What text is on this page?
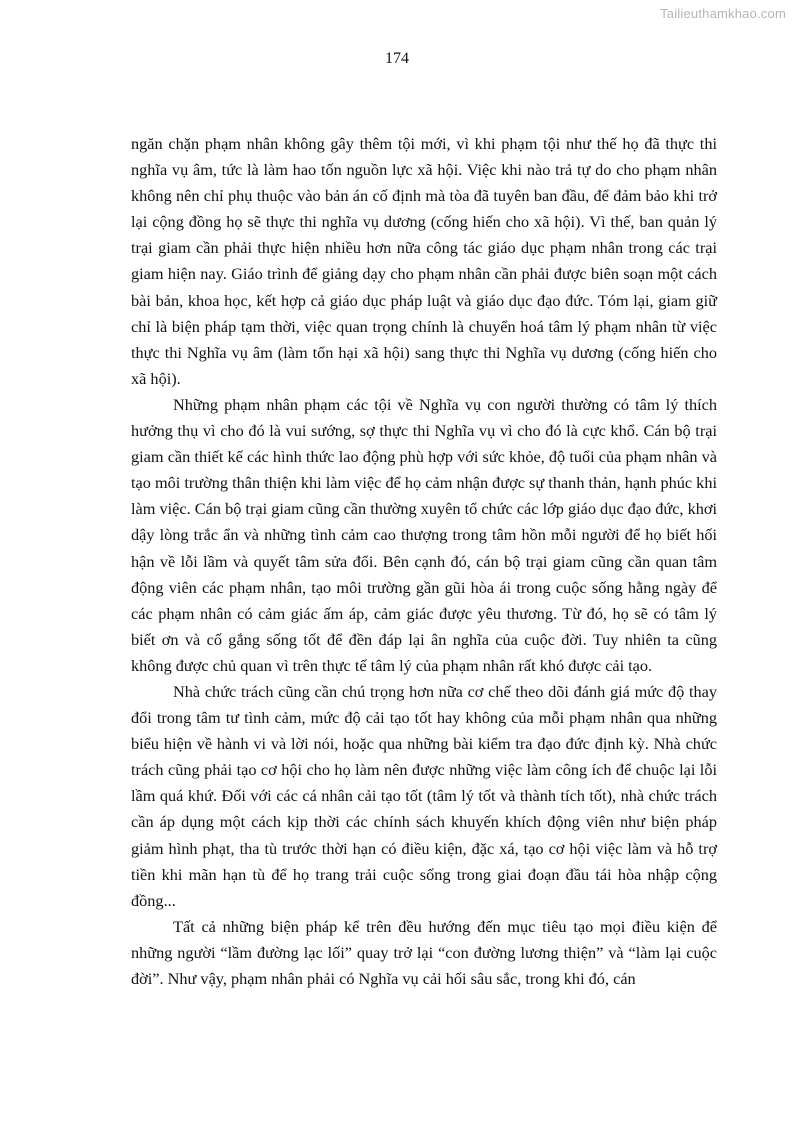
Tailieuthamkhao.com
174

ngăn chặn phạm nhân không gây thêm tội mới, vì khi phạm tội như thế họ đã thực thi nghĩa vụ âm, tức là làm hao tốn nguồn lực xã hội. Việc khi nào trả tự do cho phạm nhân không nên chỉ phụ thuộc vào bản án cố định mà tòa đã tuyên ban đầu, để đảm bảo khi trở lại cộng đồng họ sẽ thực thi nghĩa vụ dương (cống hiến cho xã hội). Vì thế, ban quản lý trại giam cần phải thực hiện nhiều hơn nữa công tác giáo dục phạm nhân trong các trại giam hiện nay. Giáo trình để giảng dạy cho phạm nhân cần phải được biên soạn một cách bài bản, khoa học, kết hợp cả giáo dục pháp luật và giáo dục đạo đức. Tóm lại, giam giữ chỉ là biện pháp tạm thời, việc quan trọng chính là chuyển hoá tâm lý phạm nhân từ việc thực thi Nghĩa vụ âm (làm tổn hại xã hội) sang thực thi Nghĩa vụ dương (cống hiến cho xã hội).

Những phạm nhân phạm các tội về Nghĩa vụ con người thường có tâm lý thích hưởng thụ vì cho đó là vui sướng, sợ thực thi Nghĩa vụ vì cho đó là cực khổ. Cán bộ trại giam cần thiết kế các hình thức lao động phù hợp với sức khỏe, độ tuổi của phạm nhân và tạo môi trường thân thiện khi làm việc để họ cảm nhận được sự thanh thản, hạnh phúc khi làm việc. Cán bộ trại giam cũng cần thường xuyên tổ chức các lớp giáo dục đạo đức, khơi dậy lòng trắc ẩn và những tình cảm cao thượng trong tâm hồn mỗi người để họ biết hối hận về lỗi lầm và quyết tâm sửa đổi. Bên cạnh đó, cán bộ trại giam cũng cần quan tâm động viên các phạm nhân, tạo môi trường gần gũi hòa ái trong cuộc sống hằng ngày để các phạm nhân có cảm giác ấm áp, cảm giác được yêu thương. Từ đó, họ sẽ có tâm lý biết ơn và cố gắng sống tốt để đền đáp lại ân nghĩa của cuộc đời. Tuy nhiên ta cũng không được chủ quan vì trên thực tế tâm lý của phạm nhân rất khó được cải tạo.

Nhà chức trách cũng cần chú trọng hơn nữa cơ chế theo dõi đánh giá mức độ thay đổi trong tâm tư tình cảm, mức độ cải tạo tốt hay không của mỗi phạm nhân qua những biểu hiện về hành vi và lời nói, hoặc qua những bài kiểm tra đạo đức định kỳ. Nhà chức trách cũng phải tạo cơ hội cho họ làm nên được những việc làm công ích để chuộc lại lỗi lầm quá khứ. Đối với các cá nhân cải tạo tốt (tâm lý tốt và thành tích tốt), nhà chức trách cần áp dụng một cách kịp thời các chính sách khuyến khích động viên như biện pháp giảm hình phạt, tha tù trước thời hạn có điều kiện, đặc xá, tạo cơ hội việc làm và hỗ trợ tiền khi mãn hạn tù để họ trang trải cuộc sống trong giai đoạn đầu tái hòa nhập cộng đồng...

Tất cả những biện pháp kể trên đều hướng đến mục tiêu tạo mọi điều kiện để những người “lầm đường lạc lối” quay trở lại “con đường lương thiện” và “làm lại cuộc đời”. Như vậy, phạm nhân phải có Nghĩa vụ cải hối sâu sắc, trong khi đó, cán
